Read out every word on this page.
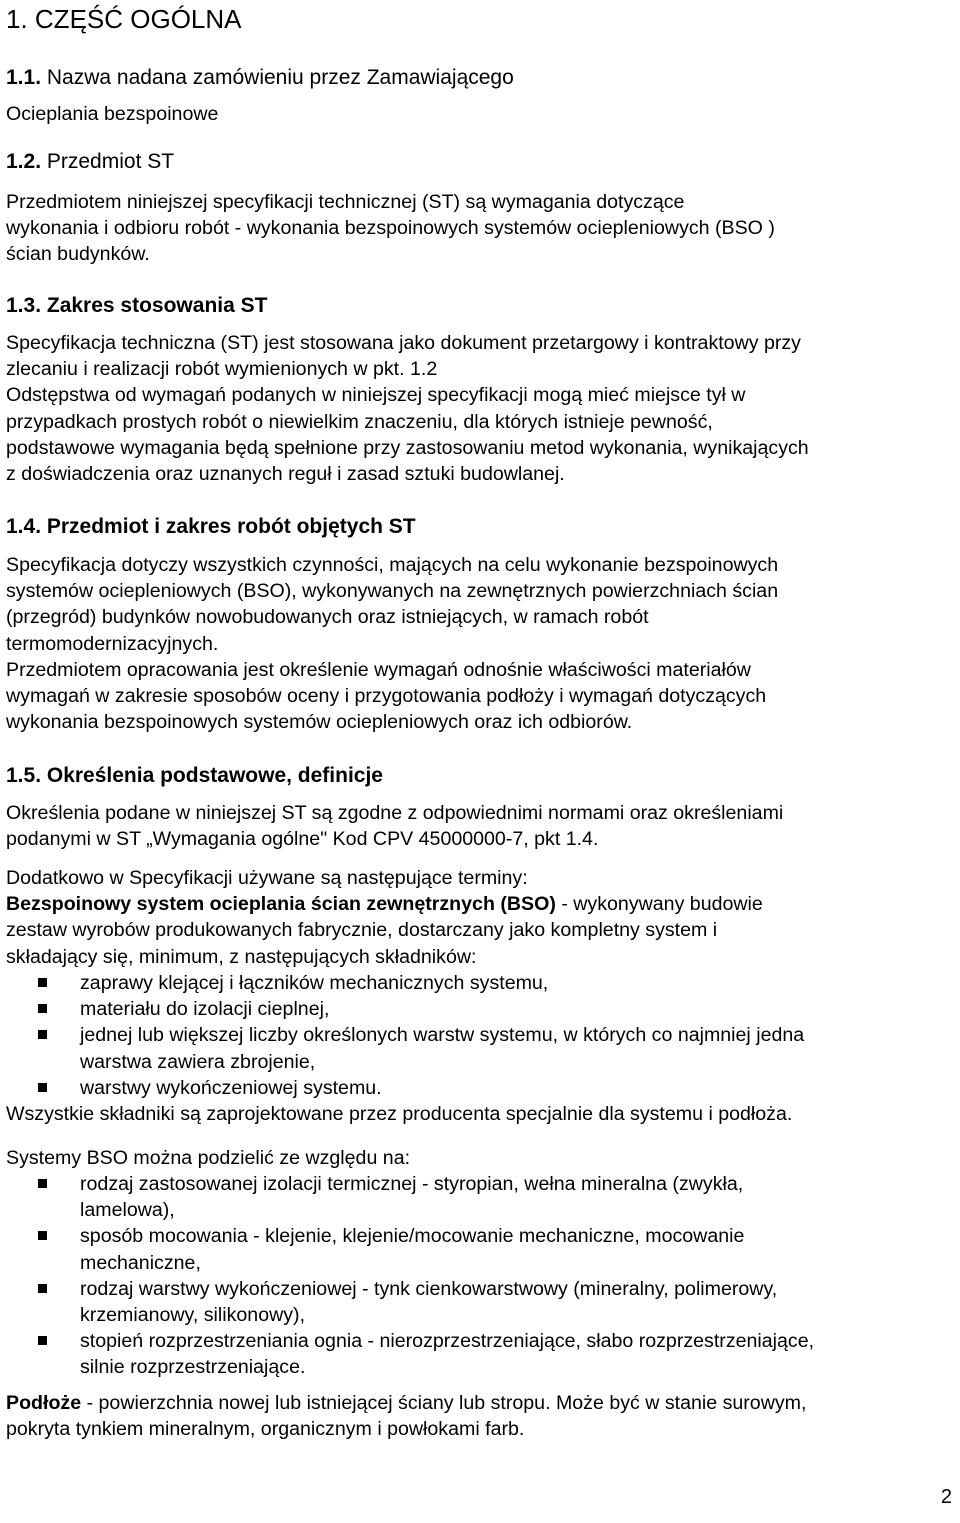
1. CZĘŚĆ OGÓLNA
1.1. Nazwa nadana zamówieniu przez Zamawiającego
Ocieplania bezspoinowe
1.2. Przedmiot ST
Przedmiotem niniejszej specyfikacji technicznej (ST) są wymagania dotyczące
wykonania i odbioru robót - wykonania bezspoinowych systemów ociepleniowych (BSO )
ścian budynków.
1.3. Zakres stosowania ST
Specyfikacja techniczna (ST) jest stosowana jako dokument przetargowy i kontraktowy przy
zlecaniu i realizacji robót wymienionych w pkt. 1.2
Odstępstwa od wymagań podanych w niniejszej specyfikacji mogą mieć miejsce tył w
przypadkach prostych robót o niewielkim znaczeniu, dla których istnieje pewność,
podstawowe wymagania będą spełnione przy zastosowaniu metod wykonania, wynikających
z doświadczenia oraz uznanych reguł i zasad sztuki budowlanej.
1.4. Przedmiot i zakres robót objętych ST
Specyfikacja dotyczy wszystkich czynności, mających na celu wykonanie bezspoinowych
systemów ociepleniowych (BSO), wykonywanych na zewnętrznych powierzchniach ścian
(przegród) budynków nowobudowanych oraz istniejących, w ramach robót
termomodernizacyjnych.
Przedmiotem opracowania jest określenie wymagań odnośnie właściwości materiałów
wymagań w zakresie sposobów oceny i przygotowania podłoży i wymagań dotyczących
wykonania bezspoinowych systemów ociepleniowych oraz ich odbiorów.
1.5. Określenia podstawowe, definicje
Określenia podane w niniejszej ST są zgodne z odpowiednimi normami oraz określeniami
podanymi w ST „Wymagania ogólne" Kod CPV 45000000-7, pkt 1.4.
Dodatkowo w Specyfikacji używane są następujące terminy:
Bezspoinowy system ocieplania ścian zewnętrznych (BSO) - wykonywany budowie
zestaw wyrobów produkowanych fabrycznie, dostarczany jako kompletny system i
składający się, minimum, z następujących składników:
zaprawy klejącej i łączników mechanicznych systemu,
materiału do izolacji cieplnej,
jednej lub większej liczby określonych warstw systemu, w których co najmniej jedna
warstwa zawiera zbrojenie,
warstwy wykończeniowej systemu.
Wszystkie składniki są zaprojektowane przez producenta specjalnie dla systemu i podłoża.
Systemy BSO można podzielić ze względu na:
rodzaj zastosowanej izolacji termicznej - styropian, wełna mineralna (zwykła,
lamelowa),
sposób mocowania - klejenie, klejenie/mocowanie mechaniczne, mocowanie
mechaniczne,
rodzaj warstwy wykończeniowej - tynk cienkowarstwowy (mineralny, polimerowy,
krzemianowy, silikonowy),
stopień rozprzestrzeniania ognia - nierozprzestrzeniające, słabo rozprzestrzeniające,
silnie rozprzestrzeniające.
Podłoże - powierzchnia nowej lub istniejącej ściany lub stropu. Może być w stanie surowym,
pokryta tynkiem mineralnym, organicznym i powłokami farb.
2
